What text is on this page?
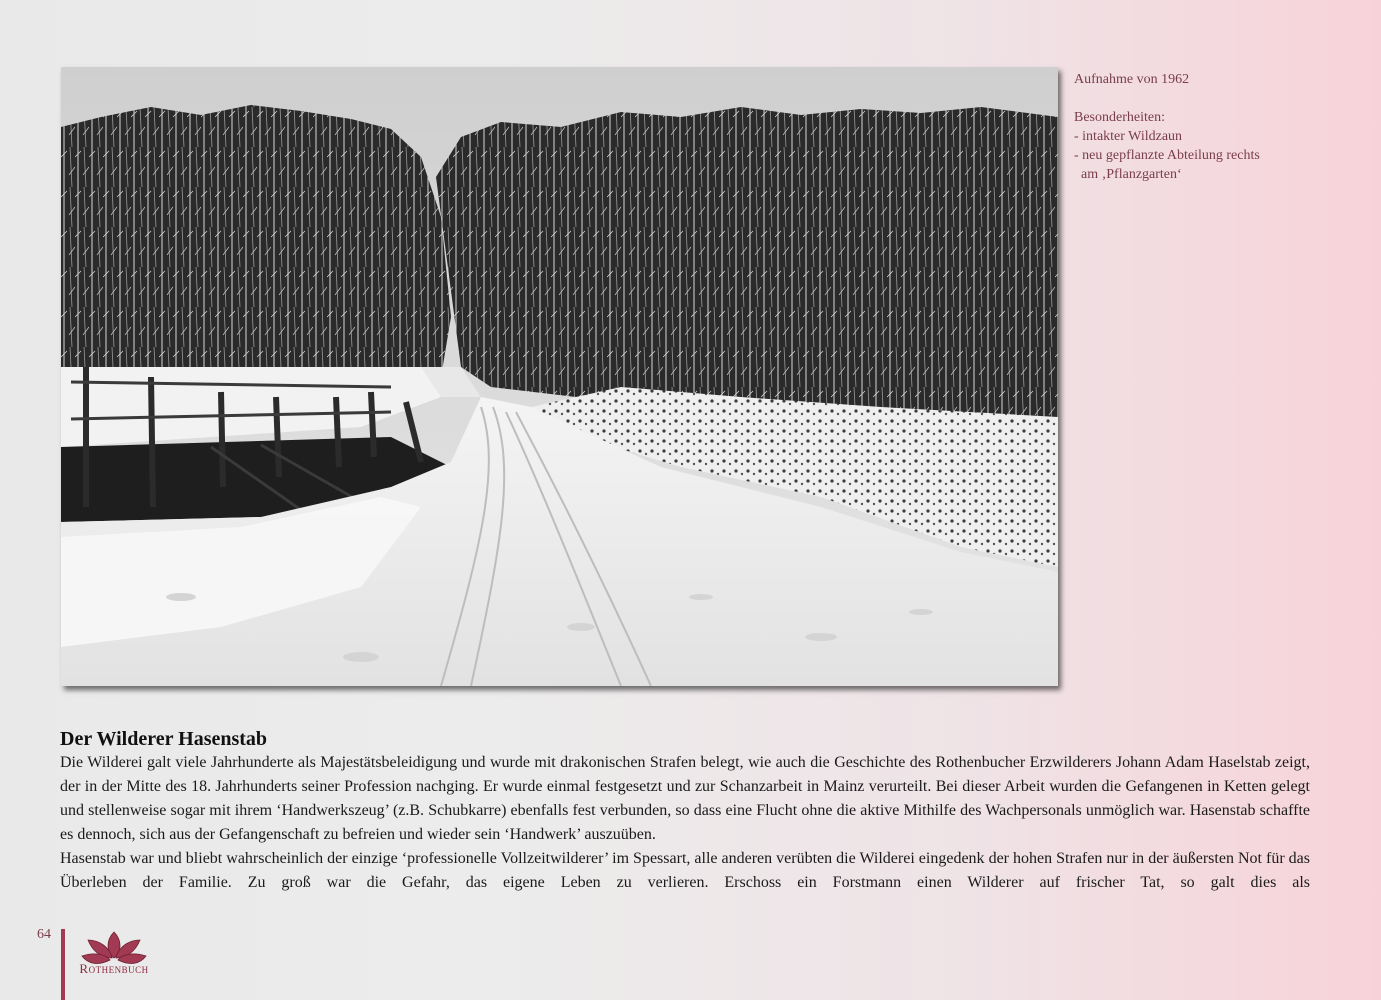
Aufnahme von 1962
Besonderheiten:
- intakter Wildzaun
- neu gepflanzte Abteilung rechts
am ‚Pflanzgarten‘
Der Wilderer Hasenstab

Die Wilderei galt viele Jahrhunderte als Majestätsbeleidigung und wurde mit drakonischen Strafen belegt, wie auch die Geschichte des Rothenbucher Erzwilderers Johann Adam Haselstab zeigt, der in der Mitte des 18. Jahrhunderts seiner Profession nachging. Er wurde einmal festgesetzt und zur Schanzarbeit in Mainz verurteilt. Bei dieser Arbeit wurden die Gefangenen in Ketten gelegt und stellenweise sogar mit ihrem ‘Handwerkszeug’ (z.B. Schubkarre) ebenfalls fest verbunden, so dass eine Flucht ohne die aktive Mithilfe des Wachpersonals unmöglich war. Hasenstab schaffte es dennoch, sich aus der Gefangenschaft zu befreien und wieder sein ‘Handwerk’ auszuüben.

Hasenstab war und bliebt wahrscheinlich der einzige ‘professionelle Vollzeitwilderer’ im Spessart, alle anderen verübten die Wilderei eingedenk der hohen Strafen nur in der äußersten Not für das Überleben der Familie. Zu groß war die Gefahr, das eigene Leben zu verlieren. Erschoss ein Forstmann einen Wilderer auf frischer Tat, so galt dies als

64
Rothenbuch
